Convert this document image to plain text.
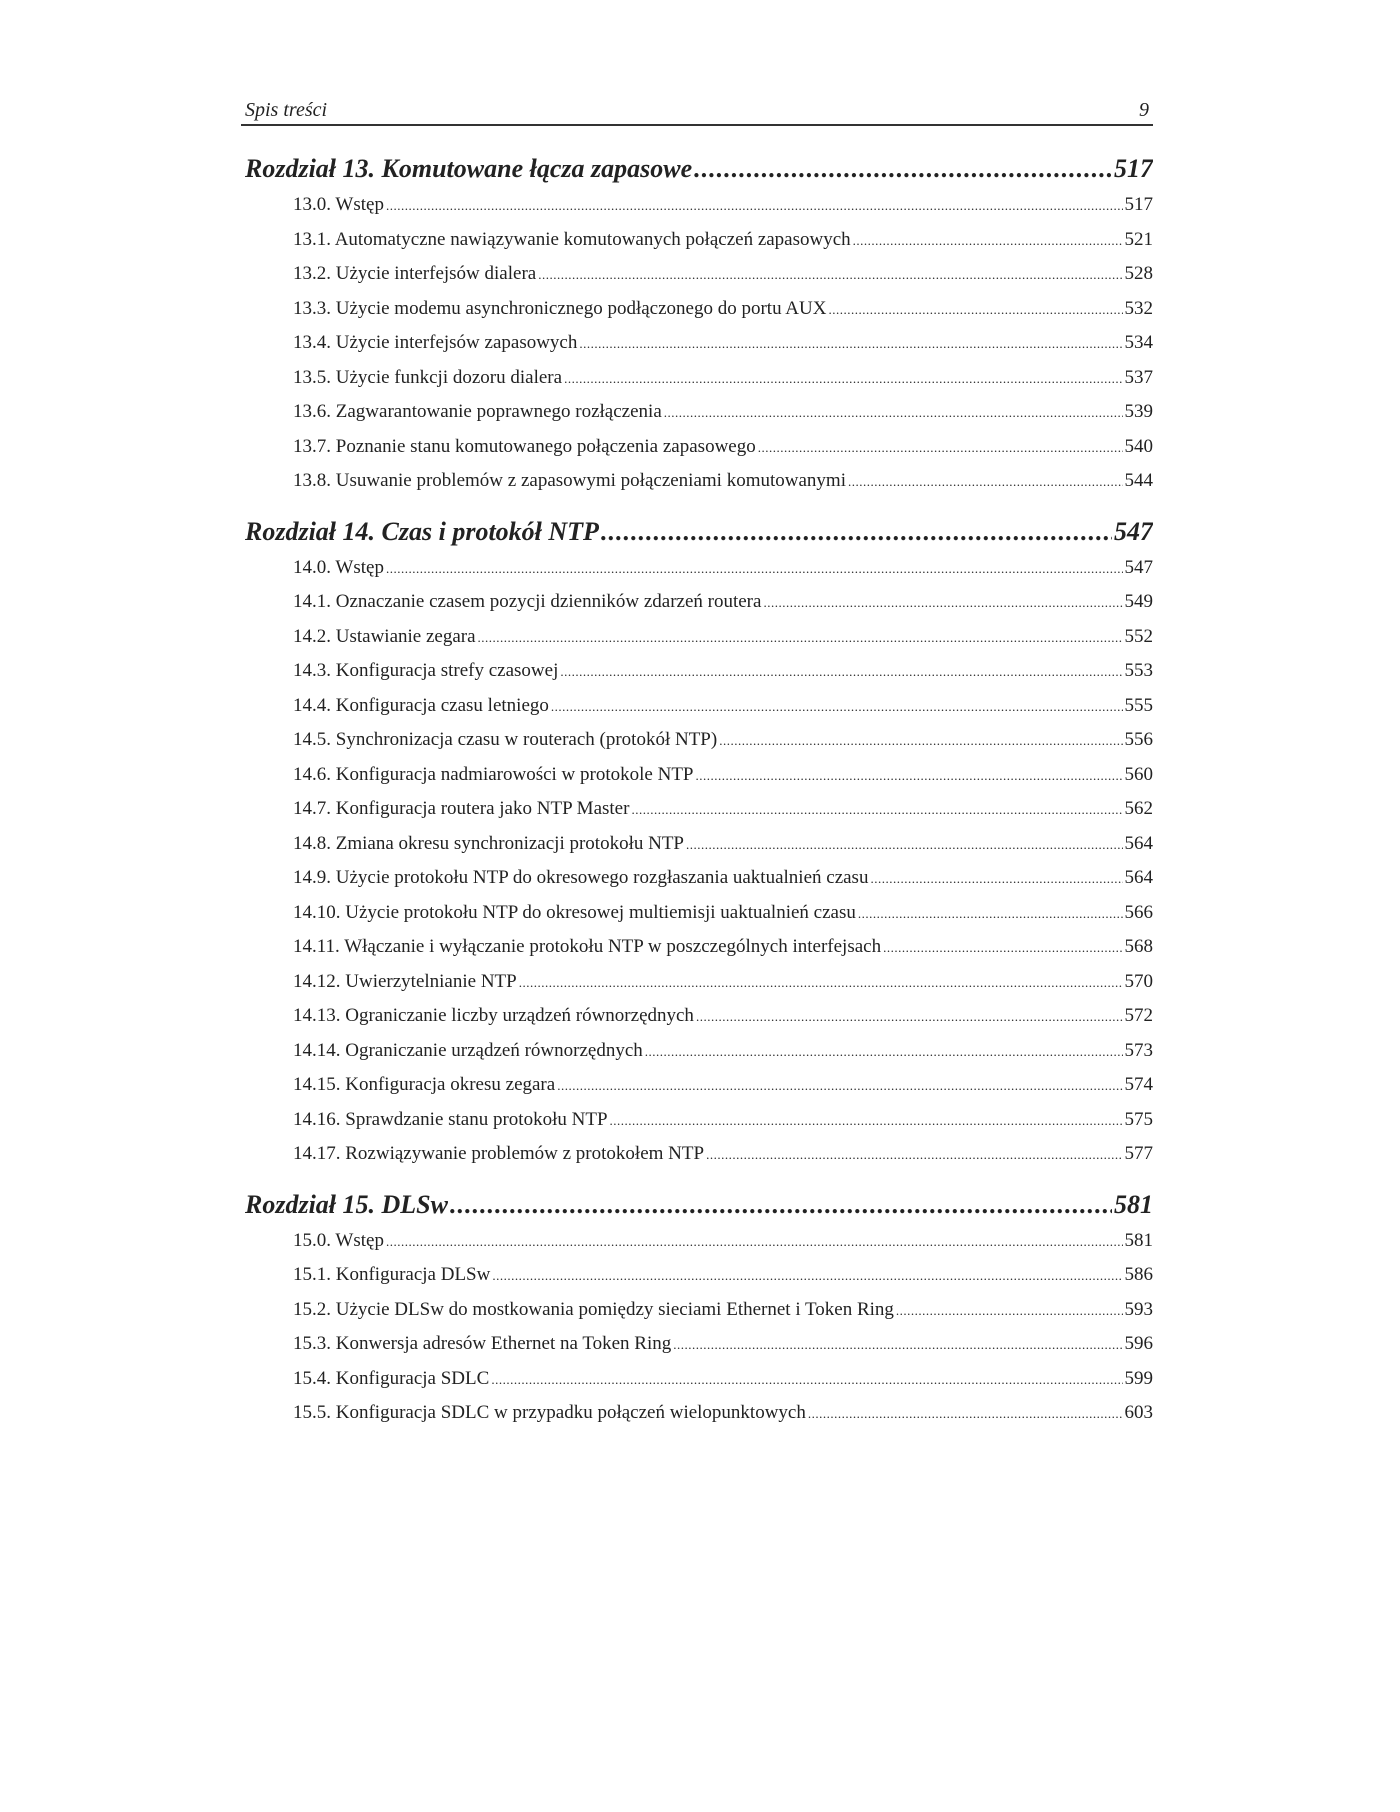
Spis treści	9
Rozdział 13. Komutowane łącza zapasowe .....	517
13.0. Wstęp .....	517
13.1. Automatyczne nawiązywanie komutowanych połączeń zapasowych .....	521
13.2. Użycie interfejsów dialera .....	528
13.3. Użycie modemu asynchronicznego podłączonego do portu AUX .....	532
13.4. Użycie interfejsów zapasowych .....	534
13.5. Użycie funkcji dozoru dialera .....	537
13.6. Zagwarantowanie poprawnego rozłączenia .....	539
13.7. Poznanie stanu komutowanego połączenia zapasowego .....	540
13.8. Usuwanie problemów z zapasowymi połączeniami komutowanymi .....	544
Rozdział 14. Czas i protokół NTP .....	547
14.0. Wstęp .....	547
14.1. Oznaczanie czasem pozycji dzienników zdarzeń routera .....	549
14.2. Ustawianie zegara .....	552
14.3. Konfiguracja strefy czasowej .....	553
14.4. Konfiguracja czasu letniego .....	555
14.5. Synchronizacja czasu w routerach (protokół NTP) .....	556
14.6. Konfiguracja nadmiarowości w protokole NTP .....	560
14.7. Konfiguracja routera jako NTP Master .....	562
14.8. Zmiana okresu synchronizacji protokołu NTP .....	564
14.9. Użycie protokołu NTP do okresowego rozgłaszania uaktualnień czasu .....	564
14.10. Użycie protokołu NTP do okresowej multiemisji uaktualnień czasu .....	566
14.11. Włączanie i wyłączanie protokołu NTP w poszczególnych interfejsach .....	568
14.12. Uwierzytelnianie NTP .....	570
14.13. Ograniczanie liczby urządzeń równorzędnych .....	572
14.14. Ograniczanie urządzeń równorzędnych .....	573
14.15. Konfiguracja okresu zegara .....	574
14.16. Sprawdzanie stanu protokołu NTP .....	575
14.17. Rozwiązywanie problemów z protokołem NTP .....	577
Rozdział 15. DLSw .....	581
15.0. Wstęp .....	581
15.1. Konfiguracja DLSw .....	586
15.2. Użycie DLSw do mostkowania pomiędzy sieciami Ethernet i Token Ring .....	593
15.3. Konwersja adresów Ethernet na Token Ring .....	596
15.4. Konfiguracja SDLC .....	599
15.5. Konfiguracja SDLC w przypadku połączeń wielopunktowych .....	603
